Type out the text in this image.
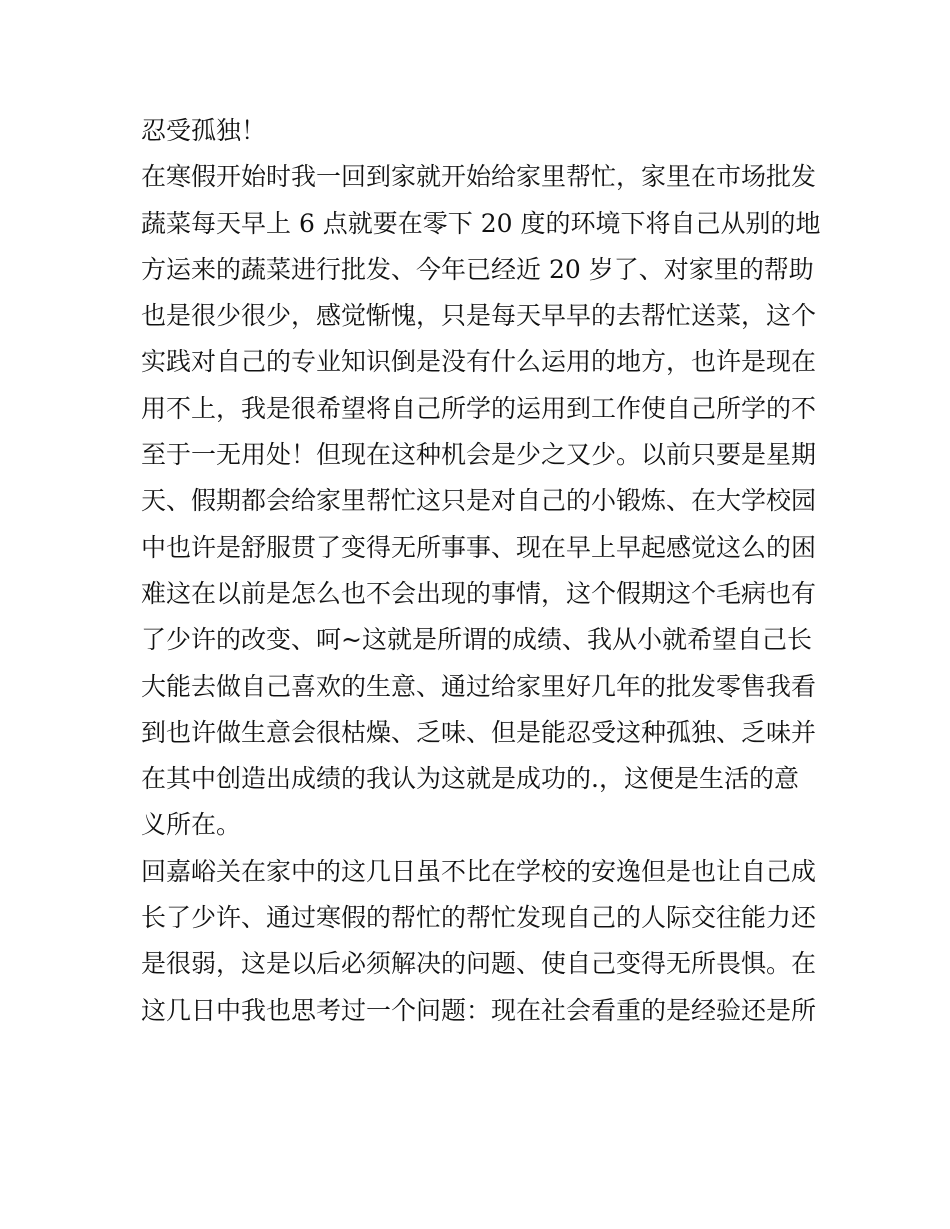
忍受孤独！
在寒假开始时我一回到家就开始给家里帮忙，家里在市场批发
蔬菜每天早上 6 点就要在零下 20 度的环境下将自己从别的地
方运来的蔬菜进行批发、今年已经近 20 岁了、对家里的帮助
也是很少很少，感觉惭愧，只是每天早早的去帮忙送菜，这个
实践对自己的专业知识倒是没有什么运用的地方，也许是现在
用不上，我是很希望将自己所学的运用到工作使自己所学的不
至于一无用处！但现在这种机会是少之又少。以前只要是星期
天、假期都会给家里帮忙这只是对自己的小锻炼、在大学校园
中也许是舒服贯了变得无所事事、现在早上早起感觉这么的困
难这在以前是怎么也不会出现的事情，这个假期这个毛病也有
了少许的改变、呵~这就是所谓的成绩、我从小就希望自己长
大能去做自己喜欢的生意、通过给家里好几年的批发零售我看
到也许做生意会很枯燥、乏味、但是能忍受这种孤独、乏味并
在其中创造出成绩的我认为这就是成功的.，这便是生活的意
义所在。
回嘉峪关在家中的这几日虽不比在学校的安逸但是也让自己成
长了少许、通过寒假的帮忙的帮忙发现自己的人际交往能力还
是很弱，这是以后必须解决的问题、使自己变得无所畏惧。在
这几日中我也思考过一个问题：现在社会看重的是经验还是所
